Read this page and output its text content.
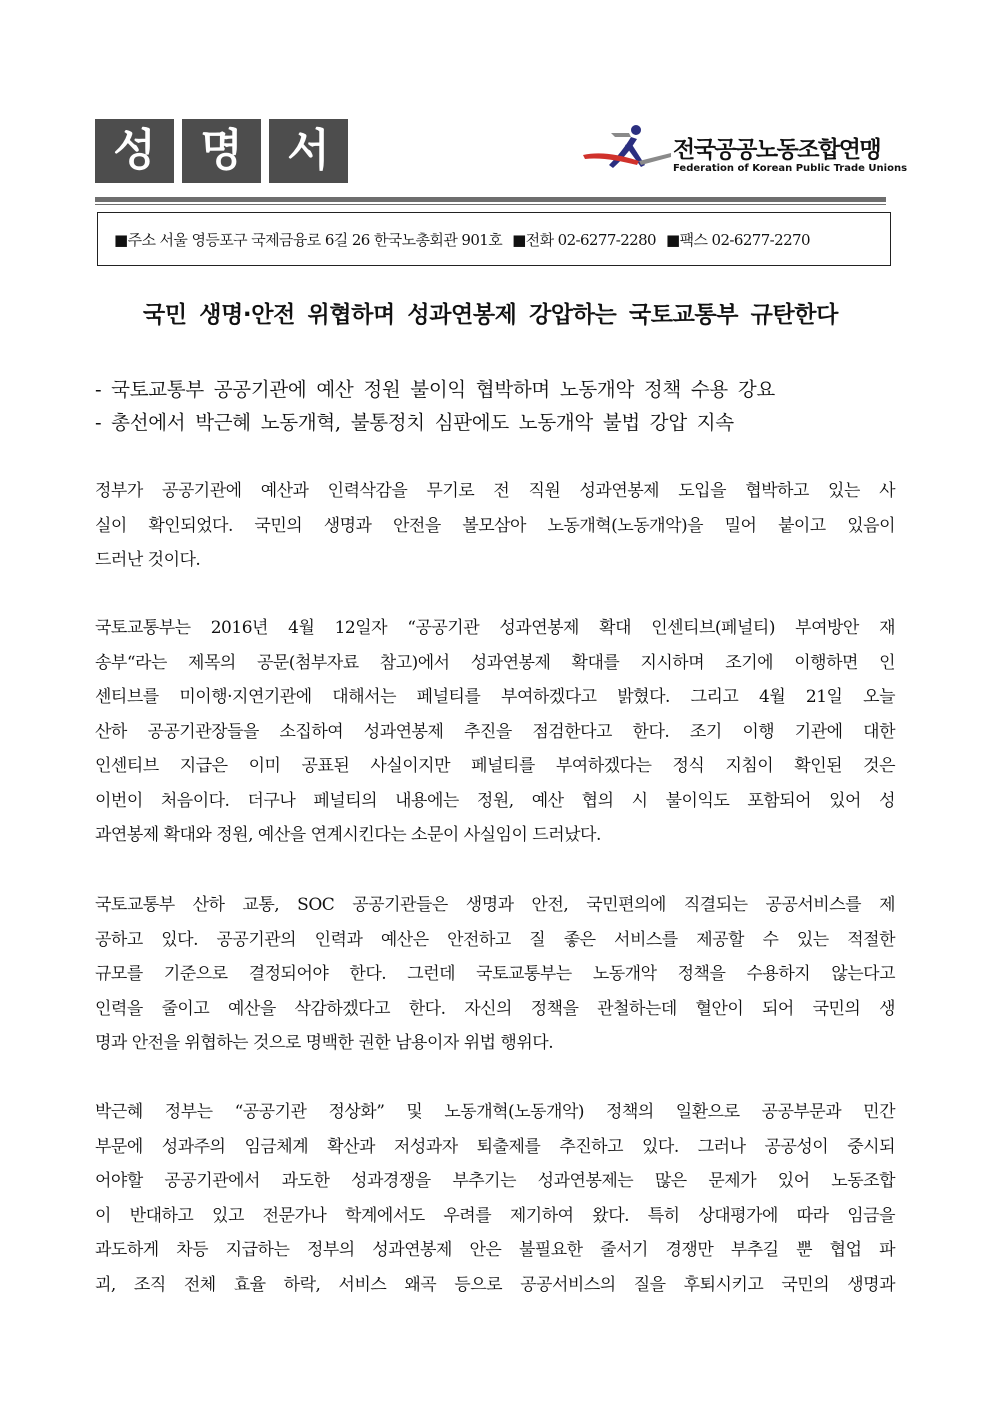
성	명	서	전국공공노동조합연맹
Federation of Korean Public Trade Unions
■주소 서울 영등포구 국제금융로 6길 26 한국노총회관 901호 ■전화 02-6277-2280 ■팩스 02-6277-2270
국민 생명·안전 위협하며 성과연봉제 강압하는 국토교통부 규탄한다
- 국토교통부 공공기관에 예산 정원 불이익 협박하며 노동개악 정책 수용 강요
- 총선에서 박근혜 노동개혁, 불통정치 심판에도 노동개악 불법 강압 지속
정부가 공공기관에 예산과 인력삭감을 무기로 전 직원 성과연봉제 도입을 협박하고 있는 사
실이 확인되었다. 국민의 생명과 안전을 볼모삼아 노동개혁(노동개악)을 밀어 붙이고 있음이
드러난 것이다.
국토교통부는 2016년 4월 12일자 “공공기관 성과연봉제 확대 인센티브(페널티) 부여방안 재
송부“라는 제목의 공문(첨부자료 참고)에서 성과연봉제 확대를 지시하며 조기에 이행하면 인
센티브를 미이행·지연기관에 대해서는 페널티를 부여하겠다고 밝혔다. 그리고 4월 21일 오늘
산하 공공기관장들을 소집하여 성과연봉제 추진을 점검한다고 한다. 조기 이행 기관에 대한
인센티브 지급은 이미 공표된 사실이지만 페널티를 부여하겠다는 정식 지침이 확인된 것은
이번이 처음이다. 더구나 페널티의 내용에는 정원, 예산 협의 시 불이익도 포함되어 있어 성
과연봉제 확대와 정원, 예산을 연계시킨다는 소문이 사실임이 드러났다.
국토교통부 산하 교통, SOC 공공기관들은 생명과 안전, 국민편의에 직결되는 공공서비스를 제
공하고 있다. 공공기관의 인력과 예산은 안전하고 질 좋은 서비스를 제공할 수 있는 적절한
규모를 기준으로 결정되어야 한다. 그런데 국토교통부는 노동개악 정책을 수용하지 않는다고
인력을 줄이고 예산을 삭감하겠다고 한다. 자신의 정책을 관철하는데 혈안이 되어 국민의 생
명과 안전을 위협하는 것으로 명백한 권한 남용이자 위법 행위다.
박근혜 정부는 “공공기관 정상화” 및 노동개혁(노동개악) 정책의 일환으로 공공부문과 민간
부문에 성과주의 임금체계 확산과 저성과자 퇴출제를 추진하고 있다. 그러나 공공성이 중시되
어야할 공공기관에서 과도한 성과경쟁을 부추기는 성과연봉제는 많은 문제가 있어 노동조합
이 반대하고 있고 전문가나 학계에서도 우려를 제기하여 왔다. 특히 상대평가에 따라 임금을
과도하게 차등 지급하는 정부의 성과연봉제 안은 불필요한 줄서기 경쟁만 부추길 뿐 협업 파
괴, 조직 전체 효율 하락, 서비스 왜곡 등으로 공공서비스의 질을 후퇴시키고 국민의 생명과
